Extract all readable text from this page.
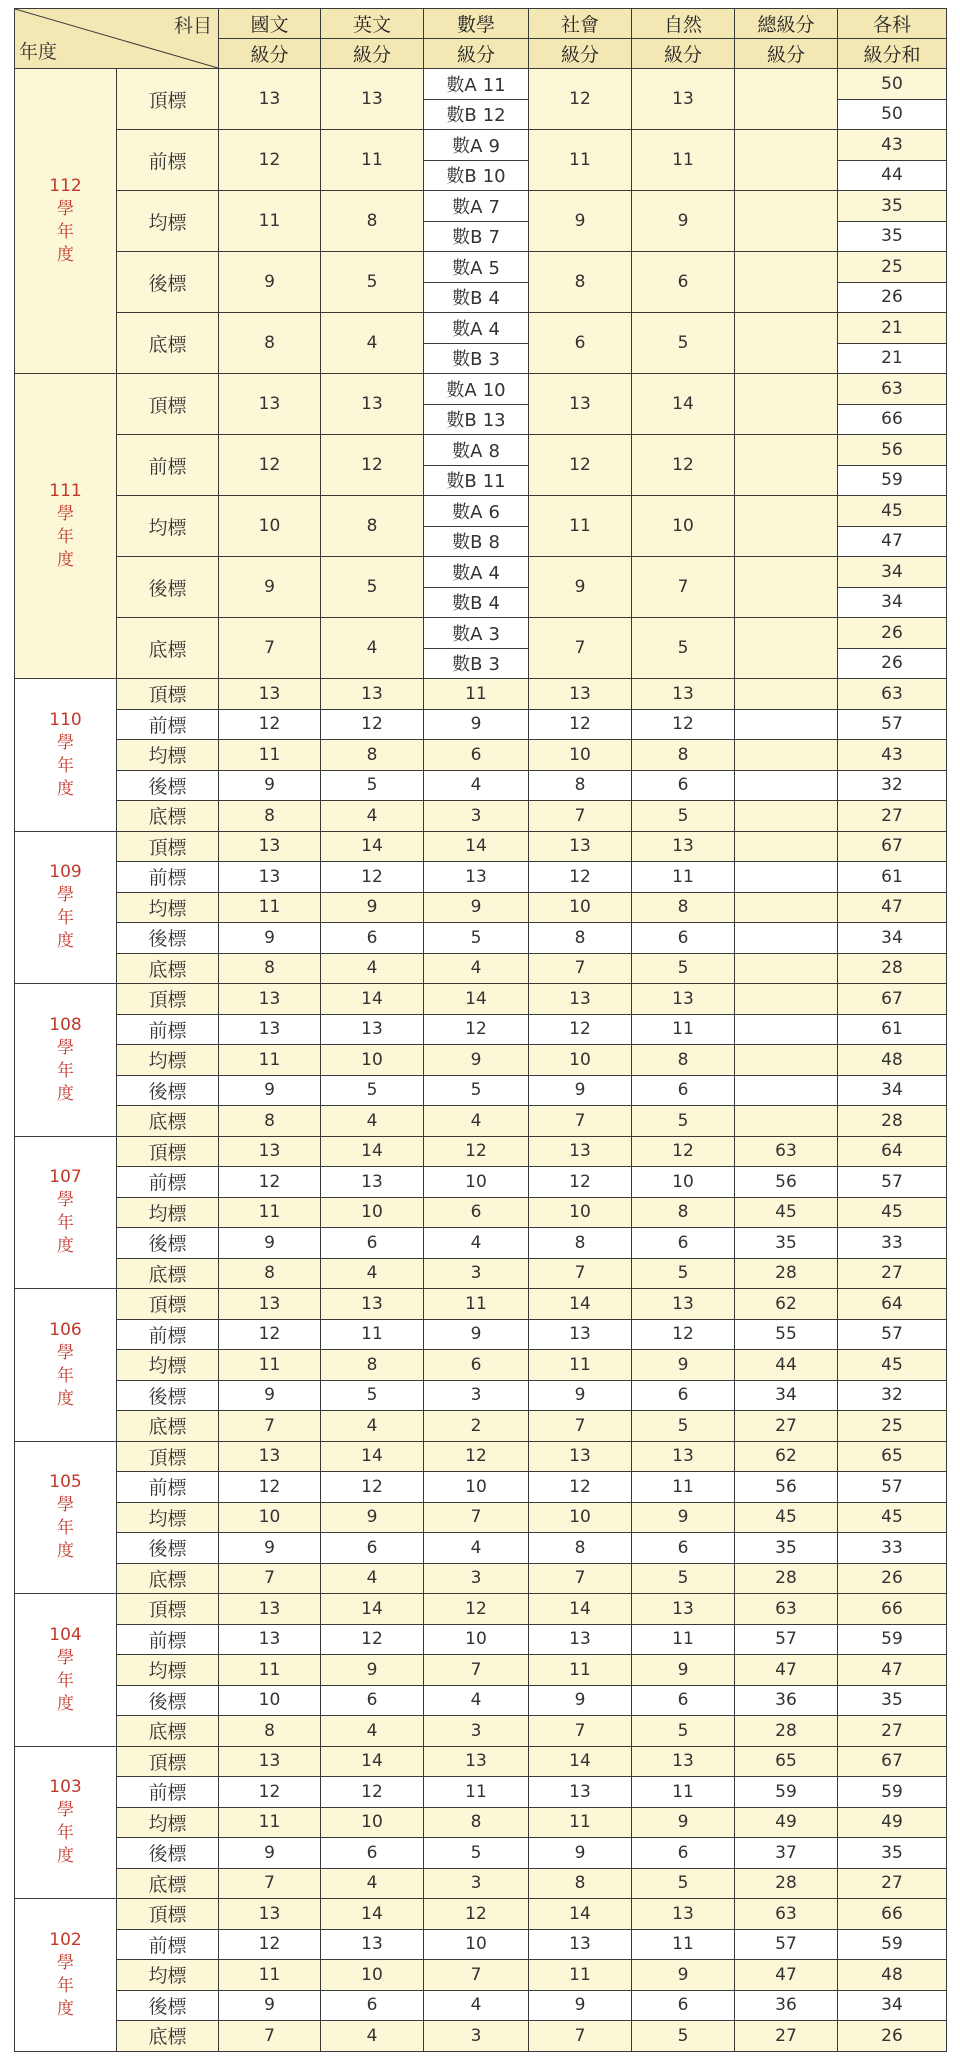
科目
年度		國文	英文	數學	社會	自然	總級分	各科
		級分	級分	級分	級分	級分	級分	級分和

112
學
年
度	頂標	13	13	數A 11	12	13		50
				數B 12				50
	前標	12	11	數A 9	11	11		43
				數B 10				44
	均標	11	8	數A 7	9	9		35
				數B 7				35
	後標	9	5	數A 5	8	6		25
				數B 4				26
	底標	8	4	數A 4	6	5		21
				數B 3				21

111
學
年
度	頂標	13	13	數A 10	13	14		63
				數B 13				66
	前標	12	12	數A 8	12	12		56
				數B 11				59
	均標	10	8	數A 6	11	10		45
				數B 8				47
	後標	9	5	數A 4	9	7		34
				數B 4				34
	底標	7	4	數A 3	7	5		26
				數B 3				26

110
學
年
度	頂標	13	13	11	13	13		63
	前標	12	12	9	12	12		57
	均標	11	8	6	10	8		43
	後標	9	5	4	8	6		32
	底標	8	4	3	7	5		27

109
學
年
度	頂標	13	14	14	13	13		67
	前標	13	12	13	12	11		61
	均標	11	9	9	10	8		47
	後標	9	6	5	8	6		34
	底標	8	4	4	7	5		28

108
學
年
度	頂標	13	14	14	13	13		67
	前標	13	13	12	12	11		61
	均標	11	10	9	10	8		48
	後標	9	5	5	9	6		34
	底標	8	4	4	7	5		28

107
學
年
度	頂標	13	14	12	13	12	63	64
	前標	12	13	10	12	10	56	57
	均標	11	10	6	10	8	45	45
	後標	9	6	4	8	6	35	33
	底標	8	4	3	7	5	28	27

106
學
年
度	頂標	13	13	11	14	13	62	64
	前標	12	11	9	13	12	55	57
	均標	11	8	6	11	9	44	45
	後標	9	5	3	9	6	34	32
	底標	7	4	2	7	5	27	25

105
學
年
度	頂標	13	14	12	13	13	62	65
	前標	12	12	10	12	11	56	57
	均標	10	9	7	10	9	45	45
	後標	9	6	4	8	6	35	33
	底標	7	4	3	7	5	28	26

104
學
年
度	頂標	13	14	12	14	13	63	66
	前標	13	12	10	13	11	57	59
	均標	11	9	7	11	9	47	47
	後標	10	6	4	9	6	36	35
	底標	8	4	3	7	5	28	27

103
學
年
度	頂標	13	14	13	14	13	65	67
	前標	12	12	11	13	11	59	59
	均標	11	10	8	11	9	49	49
	後標	9	6	5	9	6	37	35
	底標	7	4	3	8	5	28	27

102
學
年
度	頂標	13	14	12	14	13	63	66
	前標	12	13	10	13	11	57	59
	均標	11	10	7	11	9	47	48
	後標	9	6	4	9	6	36	34
	底標	7	4	3	7	5	27	26
